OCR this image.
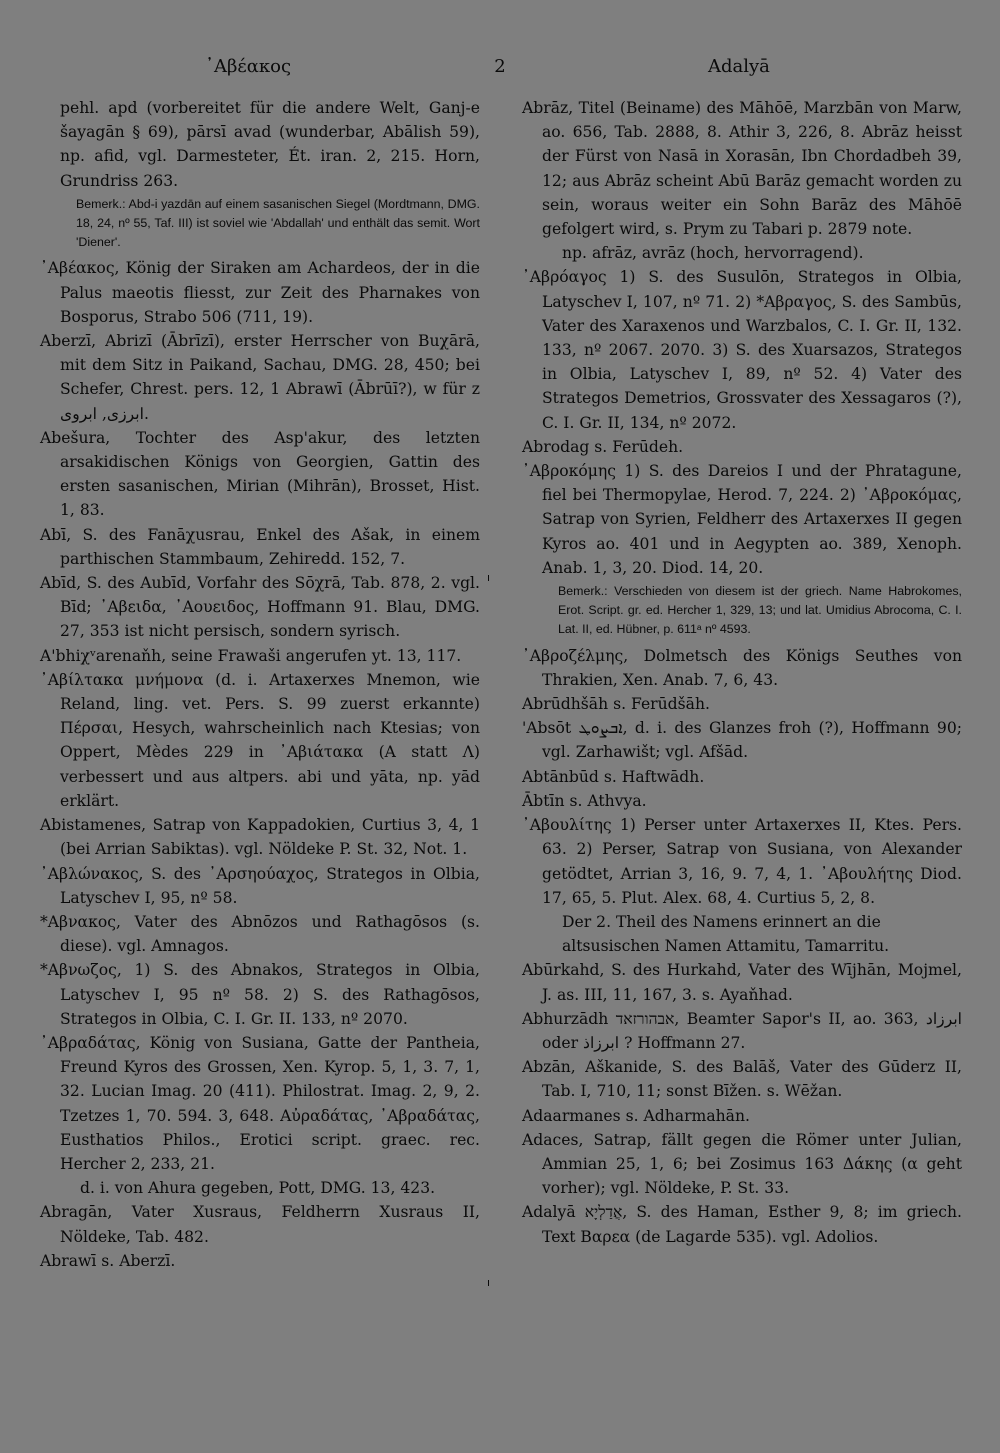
᾿Αβέακος	2	Adalyā

pehl. apd (vorbereitet für die andere Welt, Ganj-e šayagān § 69), pārsī avad (wunderbar, Abālish 59), np. afid, vgl. Darmesteter, Ét. iran. 2, 215. Horn, Grundriss 263.

Bemerk.: Abd-i yazdān auf einem sasanischen Siegel (Mordtmann, DMG. 18, 24, nº 55, Taf. III) ist soviel wie 'Abdallah' und enthält das semit. Wort 'Diener'.

᾿Αβέακος, König der Siraken am Achardeos, der in die Palus maeotis fliesst, zur Zeit des Pharnakes von Bosporus, Strabo 506 (711, 19).

Aberzī, Abrizī (Ābrīzī), erster Herrscher von Buχārā, mit dem Sitz in Paikand, Sachau, DMG. 28, 450; bei Schefer, Chrest. pers. 12, 1 Abrawī (Ābrūī?), w für z ابرزى, ابروى.

Abešura, Tochter des Asp'akur, des letzten arsakidischen Königs von Georgien, Gattin des ersten sasanischen, Mirian (Mihrān), Brosset, Hist. 1, 83.

Abī, S. des Fanāχusrau, Enkel des Ašak, in einem parthischen Stammbaum, Zehiredd. 152, 7.

Abīd, S. des Aubīd, Vorfahr des Sōχrā, Tab. 878, 2. vgl. Bīd; ᾿Αβειδα, ᾿Αουειδος, Hoffmann 91. Blau, DMG. 27, 353 ist nicht persisch, sondern syrisch.

A'bhiχᵛarenaňh, seine Frawaši angerufen yt. 13, 117.

᾿Αβίλτακα μνήμονα (d. i. Artaxerxes Mnemon, wie Reland, ling. vet. Pers. S. 99 zuerst erkannte) Πέρσαι, Hesych, wahrscheinlich nach Ktesias; von Oppert, Mèdes 229 in ᾿Αβιάτακα (Α statt Λ) verbessert und aus altpers. abi und yāta, np. yād erklärt.

Abistamenes, Satrap von Kappadokien, Curtius 3, 4, 1 (bei Arrian Sabiktas). vgl. Nöldeke P. St. 32, Not. 1.

᾿Αβλώνακος, S. des ᾿Αρσηούαχος, Strategos in Olbia, Latyschev I, 95, nº 58.

*Αβνακος, Vater des Abnōzos und Rathagōsos (s. diese). vgl. Amnagos.

*Αβνωζος, 1) S. des Abnakos, Strategos in Olbia, Latyschev I, 95 nº 58. 2) S. des Rathagōsos, Strategos in Olbia, C. I. Gr. II. 133, nº 2070.

᾿Αβραδάτας, König von Susiana, Gatte der Pantheia, Freund Kyros des Grossen, Xen. Kyrop. 5, 1, 3. 7, 1, 32. Lucian Imag. 20 (411). Philostrat. Imag. 2, 9, 2. Tzetzes 1, 70. 594. 3, 648. Αὐραδάτας, ᾿Αβραδάτας, Eusthatios Philos., Erotici script. graec. rec. Hercher 2, 233, 21.

d. i. von Ahura gegeben, Pott, DMG. 13, 423.

Abragān, Vater Xusraus, Feldherrn Xusraus II, Nöldeke, Tab. 482.

Abrawī s. Aberzī.

Abrāz, Titel (Beiname) des Māhōē, Marzbān von Marw, ao. 656, Tab. 2888, 8. Athir 3, 226, 8. Abrāz heisst der Fürst von Nasā in Xorasān, Ibn Chordadbeh 39, 12; aus Abrāz scheint Abū Barāz gemacht worden zu sein, woraus weiter ein Sohn Barāz des Māhōē gefolgert wird, s. Prym zu Tabari p. 2879 note.

np. afrāz, avrāz (hoch, hervorragend).

᾿Αβρόαγος 1) S. des Susulōn, Strategos in Olbia, Latyschev I, 107, nº 71. 2) *Αβραγος, S. des Sambūs, Vater des Xaraxenos und Warzbalos, C. I. Gr. II, 132. 133, nº 2067. 2070. 3) S. des Xuarsazos, Strategos in Olbia, Latyschev I, 89, nº 52. 4) Vater des Strategos Demetrios, Grossvater des Xessagaros (?), C. I. Gr. II, 134, nº 2072.

Abrodag s. Ferūdeh.

᾿Αβροκόμης 1) S. des Dareios I und der Phratagune, fiel bei Thermopylae, Herod. 7, 224. 2) ᾿Αβροκόμας, Satrap von Syrien, Feldherr des Artaxerxes II gegen Kyros ao. 401 und in Aegypten ao. 389, Xenoph. Anab. 1, 3, 20. Diod. 14, 20.

Bemerk.: Verschieden von diesem ist der griech. Name Habrokomes, Erot. Script. gr. ed. Hercher 1, 329, 13; und lat. Umidius Abrocoma, C. I. Lat. II, ed. Hübner, p. 611ᵃ nº 4593.

᾿Αβροζέλμης, Dolmetsch des Königs Seuthes von Thrakien, Xen. Anab. 7, 6, 43.

Abrūdhšāh s. Ferūdšāh.

'Absōt ܐܒܨܘܛ, d. i. des Glanzes froh (?), Hoffmann 90; vgl. Zarhawišt; vgl. Afšād.

Abtānbūd s. Haftwādh.

Ābtīn s. Athvya.

᾿Αβουλίτης 1) Perser unter Artaxerxes II, Ktes. Pers. 63. 2) Perser, Satrap von Susiana, von Alexander getödtet, Arrian 3, 16, 9. 7, 4, 1. ᾿Αβουλήτης Diod. 17, 65, 5. Plut. Alex. 68, 4. Curtius 5, 2, 8.

Der 2. Theil des Namens erinnert an die altsusischen Namen Attamitu, Tamarritu.

Abūrkahd, S. des Hurkahd, Vater des Wījhān, Mojmel, J. as. III, 11, 167, 3. s. Ayaňhad.

Abhurzādh אבהורזאד, Beamter Sapor's II, ao. 363, ابرزاد oder ابرزاذ ? Hoffmann 27.

Abzān, Aškanide, S. des Balāš, Vater des Gūderz II, Tab. I, 710, 11; sonst Bīžen. s. Wēžan.

Adaarmanes s. Adharmahān.

Adaces, Satrap, fällt gegen die Römer unter Julian, Ammian 25, 1, 6; bei Zosimus 163 Δάκης (α geht vorher); vgl. Nöldeke, P. St. 33.

Adalyā אֲדַלְיָא, S. des Haman, Esther 9, 8; im griech. Text Βαρεα (de Lagarde 535). vgl. Adolios.
